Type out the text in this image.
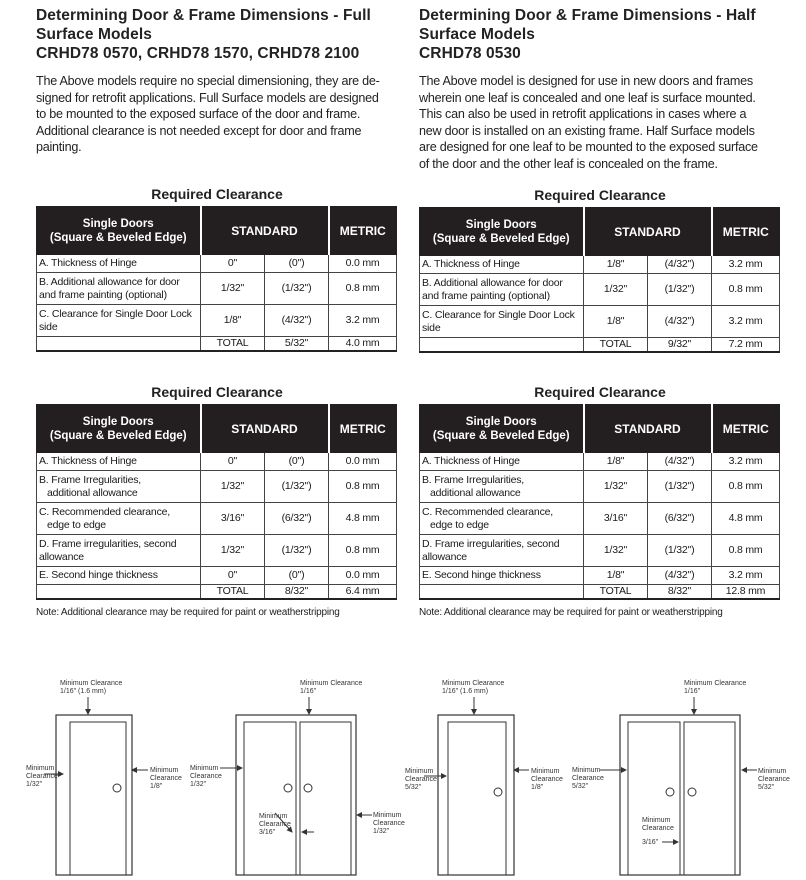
Determining Door & Frame Dimensions - Full
Surface Models
CRHD78 0570, CRHD78 1570, CRHD78 2100

The Above models require no special dimensioning, they are de-
signed for retrofit applications. Full Surface models are designed
to be mounted to the exposed surface of the door and frame.
Additional clearance is not needed except for door and frame
painting.

Determining Door & Frame Dimensions - Half
Surface Models
CRHD78 0530

The Above model is designed for use in new doors and frames
wherein one leaf is concealed and one leaf is surface mounted.
This can also be used in retrofit applications in cases where a
new door is installed on an existing frame. Half Surface models
are designed for one leaf to be mounted to the exposed surface
of the door and the other leaf is concealed on the frame.

Required Clearance

Single Doors
(Square & Beveled Edge)	STANDARD		METRIC
A. Thickness of Hinge	0"	(0")	0.0 mm
B. Additional allowance for door
and frame painting (optional)	1/32"	(1/32")	0.8 mm
C. Clearance for Single Door Lock
side	1/8"	(4/32")	3.2 mm
	TOTAL	5/32"	4.0 mm

Required Clearance

Single Doors
(Square & Beveled Edge)	STANDARD		METRIC
A. Thickness of Hinge	1/8"	(4/32")	3.2 mm
B. Additional allowance for door
and frame painting (optional)	1/32"	(1/32")	0.8 mm
C. Clearance for Single Door Lock
side	1/8"	(4/32")	3.2 mm
	TOTAL	9/32"	7.2 mm

Required Clearance

Single Doors
(Square & Beveled Edge)	STANDARD		METRIC
A. Thickness of Hinge	0"	(0")	0.0 mm
B. Frame Irregularities,
additional allowance	1/32"	(1/32")	0.8 mm
C. Recommended clearance,
edge to edge	3/16"	(6/32")	4.8 mm
D. Frame irregularities, second
allowance	1/32"	(1/32")	0.8 mm
E. Second hinge thickness	0"	(0")	0.0 mm
	TOTAL	8/32"	6.4 mm
Note: Additional clearance may be required for paint or weatherstripping

Required Clearance

Single Doors
(Square & Beveled Edge)	STANDARD		METRIC
A. Thickness of Hinge	1/8"	(4/32")	3.2 mm
B. Frame Irregularities,
additional allowance	1/32"	(1/32")	0.8 mm
C. Recommended clearance,
edge to edge	3/16"	(6/32")	4.8 mm
D. Frame irregularities, second
allowance	1/32"	(1/32")	0.8 mm
E. Second hinge thickness	1/8"	(4/32")	3.2 mm
	TOTAL	8/32"	12.8 mm
Note: Additional clearance may be required for paint or weatherstripping
Minimum Clearance
1/16" (1.6 mm)
Minimum
Clearance
1/32"
Minimum
Clearance
1/8"
Minimum Clearance
1/16"
Minimum
Clearance
1/32"
Minimum
Clearance
1/32"
Minimum
Clearance
3/16"
Minimum Clearance
1/16" (1.6 mm)
Minimum
Clearance
5/32"
Minimum
Clearance
1/8"
Minimum Clearance
1/16"
Minimum
Clearance
5/32"
Minimum
Clearance
5/32"
Minimum
Clearance
3/16"
